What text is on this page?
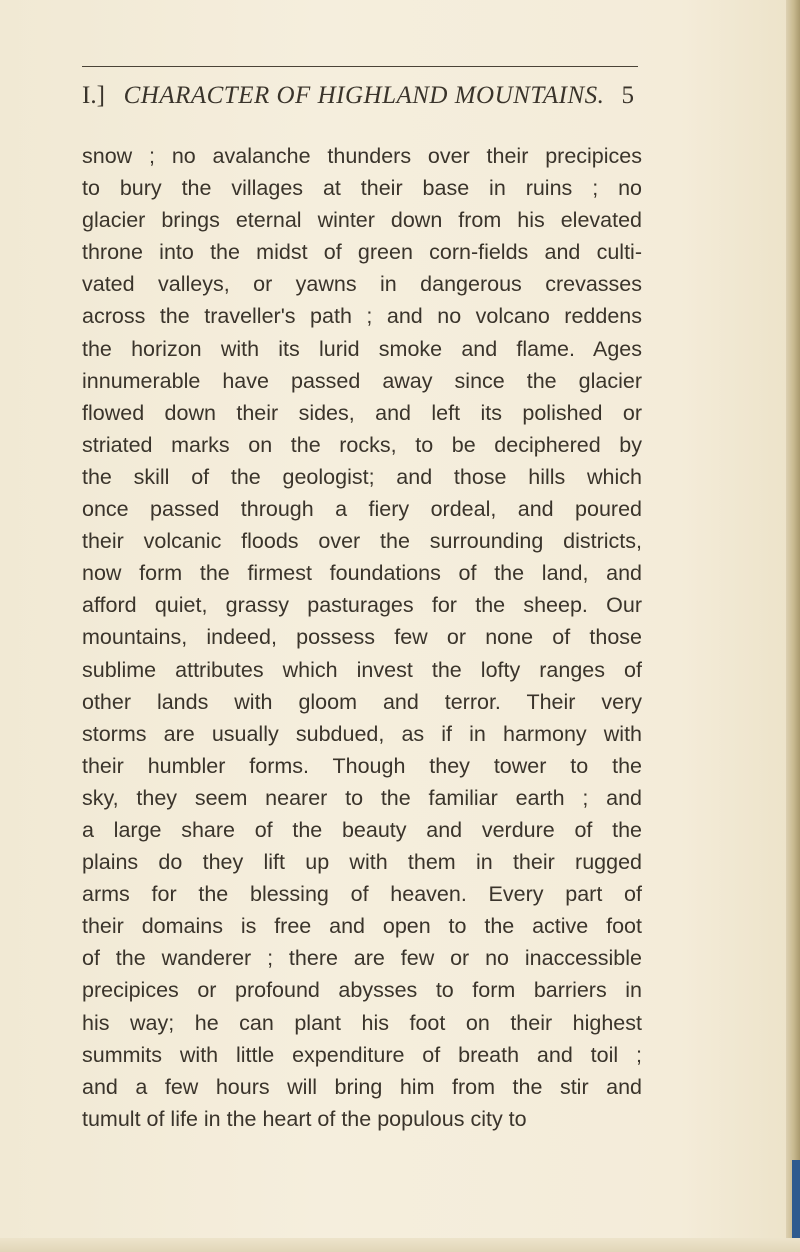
I.] CHARACTER OF HIGHLAND MOUNTAINS. 5
snow ; no avalanche thunders over their precipices
to bury the villages at their base in ruins ; no
glacier brings eternal winter down from his elevated
throne into the midst of green corn-fields and culti-
vated valleys, or yawns in dangerous crevasses
across the traveller's path ; and no volcano reddens
the horizon with its lurid smoke and flame. Ages
innumerable have passed away since the glacier
flowed down their sides, and left its polished or
striated marks on the rocks, to be deciphered by
the skill of the geologist; and those hills which
once passed through a fiery ordeal, and poured
their volcanic floods over the surrounding districts,
now form the firmest foundations of the land, and
afford quiet, grassy pasturages for the sheep. Our
mountains, indeed, possess few or none of those
sublime attributes which invest the lofty ranges of
other lands with gloom and terror. Their very
storms are usually subdued, as if in harmony with
their humbler forms. Though they tower to the
sky, they seem nearer to the familiar earth ; and
a large share of the beauty and verdure of the
plains do they lift up with them in their rugged
arms for the blessing of heaven. Every part of
their domains is free and open to the active foot
of the wanderer ; there are few or no inaccessible
precipices or profound abysses to form barriers in
his way; he can plant his foot on their highest
summits with little expenditure of breath and toil ;
and a few hours will bring him from the stir and
tumult of life in the heart of the populous city to
